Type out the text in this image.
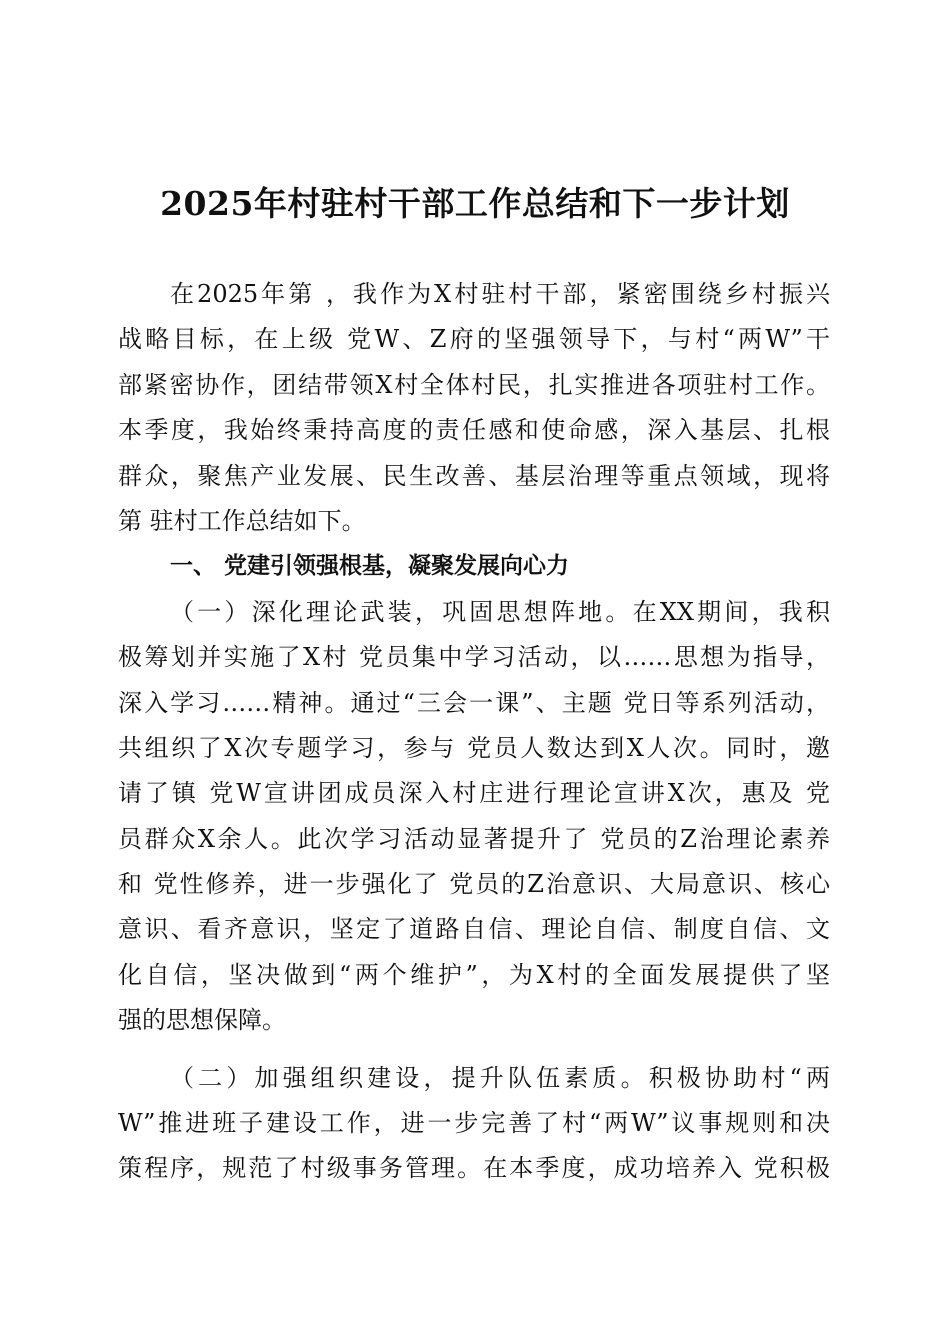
2025年村驻村干部工作总结和下一步计划
在2025年第 ，我作为X村驻村干部，紧密围绕乡村振兴
战略目标，在上级 党W、Z府的坚强领导下，与村“两W”干
部紧密协作，团结带领X村全体村民，扎实推进各项驻村工作。
本季度，我始终秉持高度的责任感和使命感，深入基层、扎根
群众，聚焦产业发展、民生改善、基层治理等重点领域，现将
第 驻村工作总结如下。
一、 党建引领强根基，凝聚发展向心力
（一）深化理论武装，巩固思想阵地。在XX期间，我积
极筹划并实施了X村 党员集中学习活动，以……思想为指导，
深入学习……精神。通过“三会一课”、主题 党日等系列活动，
共组织了X次专题学习，参与 党员人数达到X人次。同时，邀
请了镇 党W宣讲团成员深入村庄进行理论宣讲X次，惠及 党
员群众X余人。此次学习活动显著提升了 党员的Z治理论素养
和 党性修养，进一步强化了 党员的Z治意识、大局意识、核心
意识、看齐意识，坚定了道路自信、理论自信、制度自信、文
化自信，坚决做到“两个维护”，为X村的全面发展提供了坚
强的思想保障。
（二）加强组织建设，提升队伍素质。积极协助村“两
W”推进班子建设工作，进一步完善了村“两W”议事规则和决
策程序，规范了村级事务管理。在本季度，成功培养入 党积极
